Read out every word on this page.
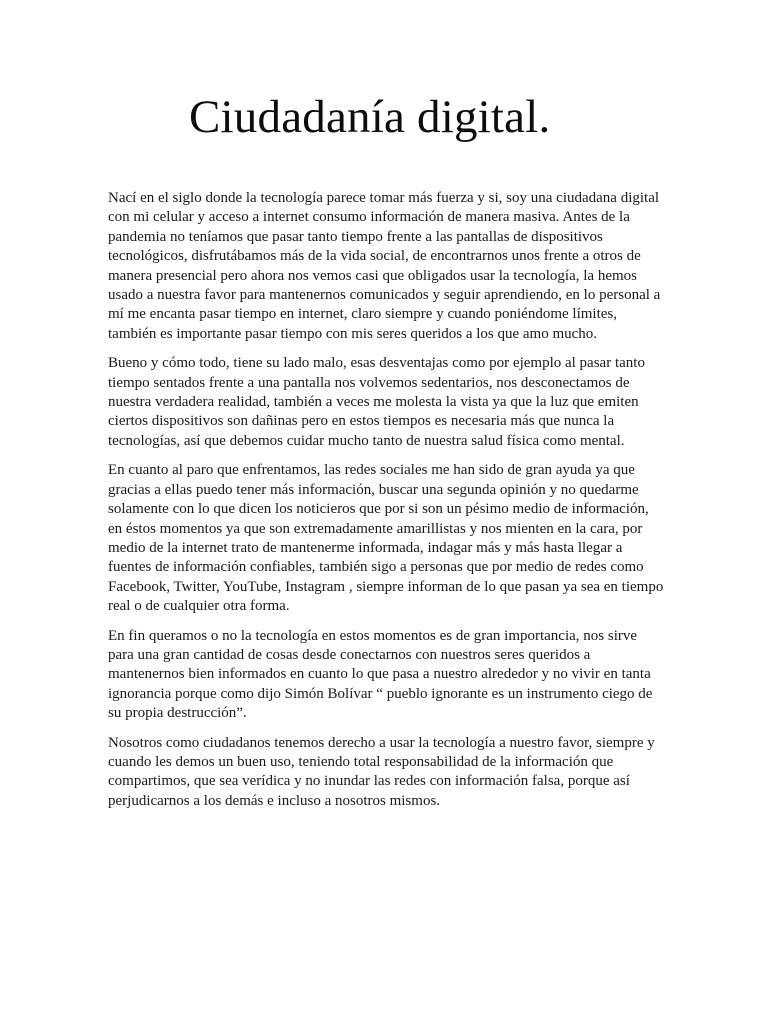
Ciudadanía digital.

Nací en el siglo donde la tecnología parece tomar más fuerza y si, soy una ciudadana digital con mi celular y acceso a internet consumo información de manera masiva. Antes de la pandemia no teníamos que pasar tanto tiempo frente a las pantallas de dispositivos tecnológicos, disfrutábamos más de la vida social, de encontrarnos unos frente a otros de manera presencial pero ahora nos vemos casi que obligados usar la tecnología, la hemos usado a nuestra favor para mantenernos comunicados y seguir aprendiendo, en lo personal a mí me encanta pasar tiempo en internet, claro siempre y cuando poniéndome límites, también es importante pasar tiempo con mis seres queridos a los que amo mucho.

Bueno y cómo todo, tiene su lado malo, esas desventajas como por ejemplo al pasar tanto tiempo sentados frente a una pantalla nos volvemos sedentarios, nos desconectamos de nuestra verdadera realidad, también a veces me molesta la vista ya que la luz que emiten ciertos dispositivos son dañinas pero en estos tiempos es necesaria más que nunca la tecnologías, así que debemos cuidar mucho tanto de nuestra salud física como mental.

En cuanto al paro que enfrentamos, las redes sociales me han sido de gran ayuda ya que gracias a ellas puedo tener más información, buscar una segunda opinión y no quedarme solamente con lo que dicen los noticieros que por si son un pésimo medio de información, en éstos momentos ya que son extremadamente amarillistas y nos mienten en la cara, por medio de la internet trato de mantenerme informada, indagar más y más hasta llegar a fuentes de información confiables, también sigo a personas que por medio de redes como Facebook, Twitter, YouTube, Instagram , siempre informan de lo que pasan ya sea en tiempo real o de cualquier otra forma.

En fin queramos o no la tecnología en estos momentos es de gran importancia, nos sirve para una gran cantidad de cosas desde conectarnos con nuestros seres queridos a mantenernos bien informados en cuanto lo que pasa a nuestro alrededor y no vivir en tanta ignorancia porque como dijo Simón Bolívar “ pueblo ignorante es un instrumento ciego de su propia destrucción”.

Nosotros como ciudadanos tenemos derecho a usar la tecnología a nuestro favor, siempre y cuando les demos un buen uso, teniendo total responsabilidad de la información que compartimos, que sea verídica y no inundar las redes con información falsa, porque así perjudicarnos a los demás e incluso a nosotros mismos.
